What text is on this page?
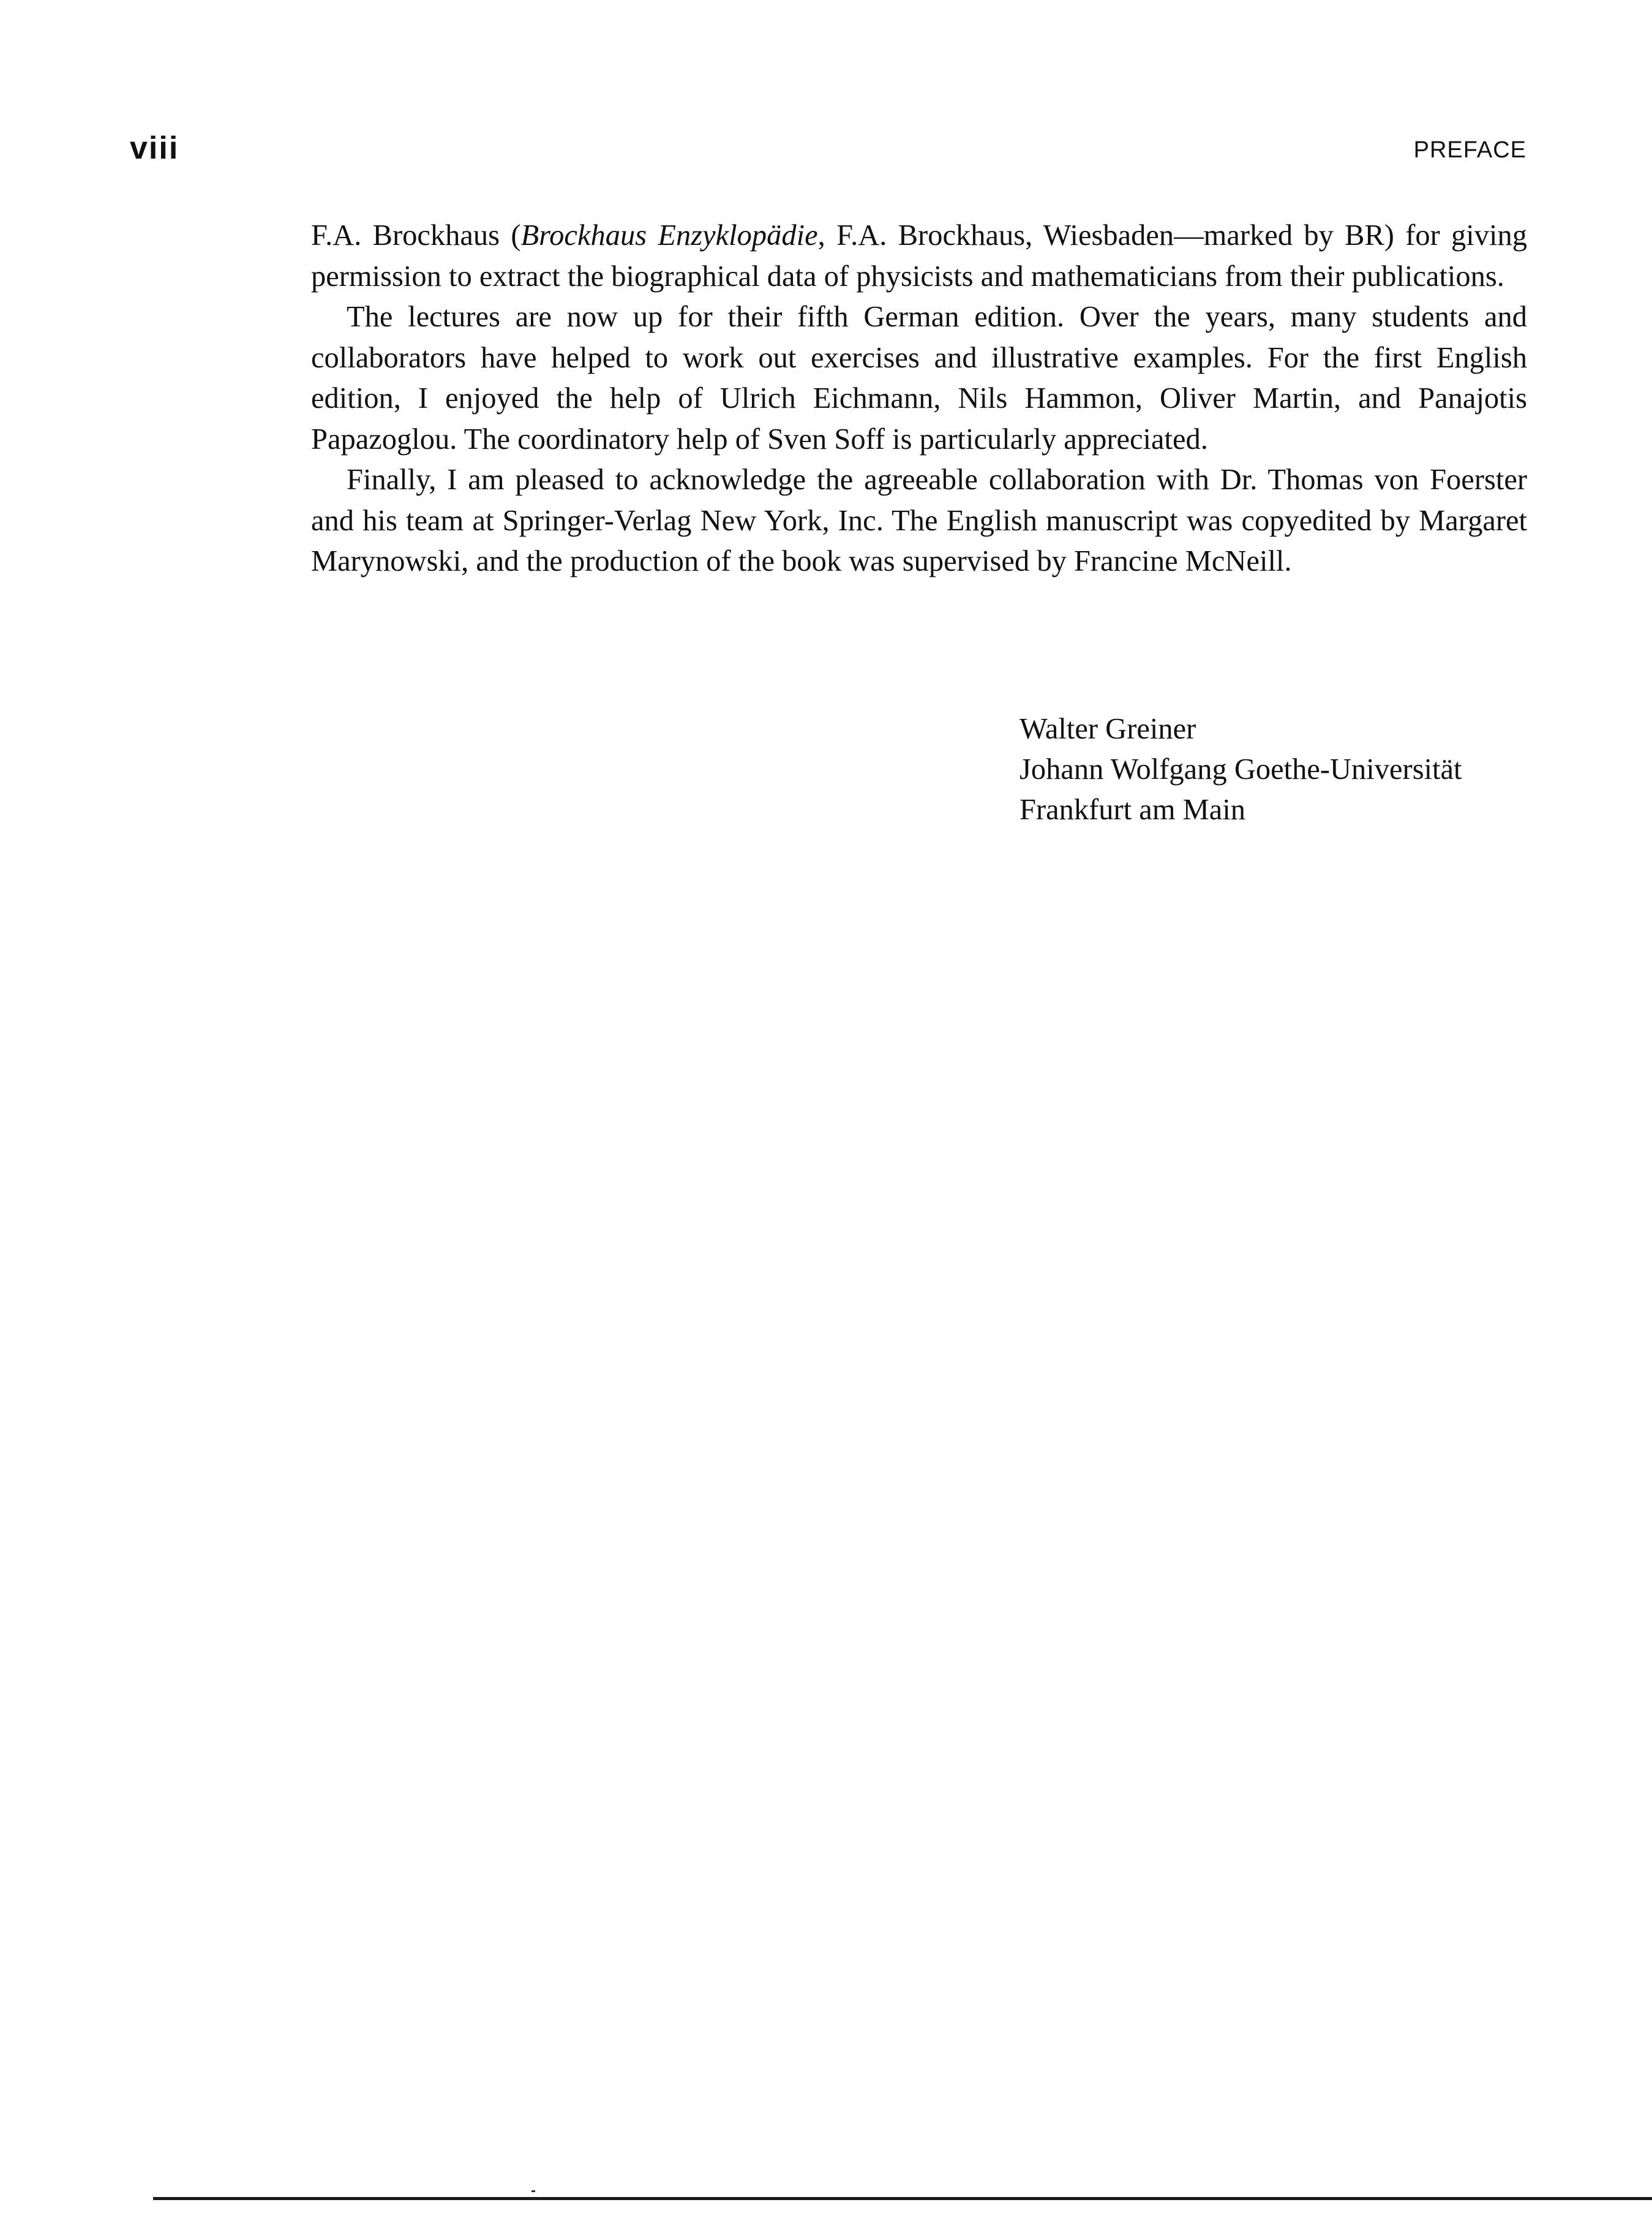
viii	PREFACE

F.A. Brockhaus (Brockhaus Enzyklopädie, F.A. Brockhaus, Wiesbaden—marked by BR) for giving permission to extract the biographical data of physicists and mathematicians from their publications.

The lectures are now up for their fifth German edition. Over the years, many students and collaborators have helped to work out exercises and illustrative examples. For the first English edition, I enjoyed the help of Ulrich Eichmann, Nils Hammon, Oliver Martin, and Panajotis Papazoglou. The coordinatory help of Sven Soff is particularly appreciated.

Finally, I am pleased to acknowledge the agreeable collaboration with Dr. Thomas von Foerster and his team at Springer-Verlag New York, Inc. The English manuscript was copyedited by Margaret Marynowski, and the production of the book was supervised by Francine McNeill.

Walter Greiner
Johann Wolfgang Goethe-Universität
Frankfurt am Main
